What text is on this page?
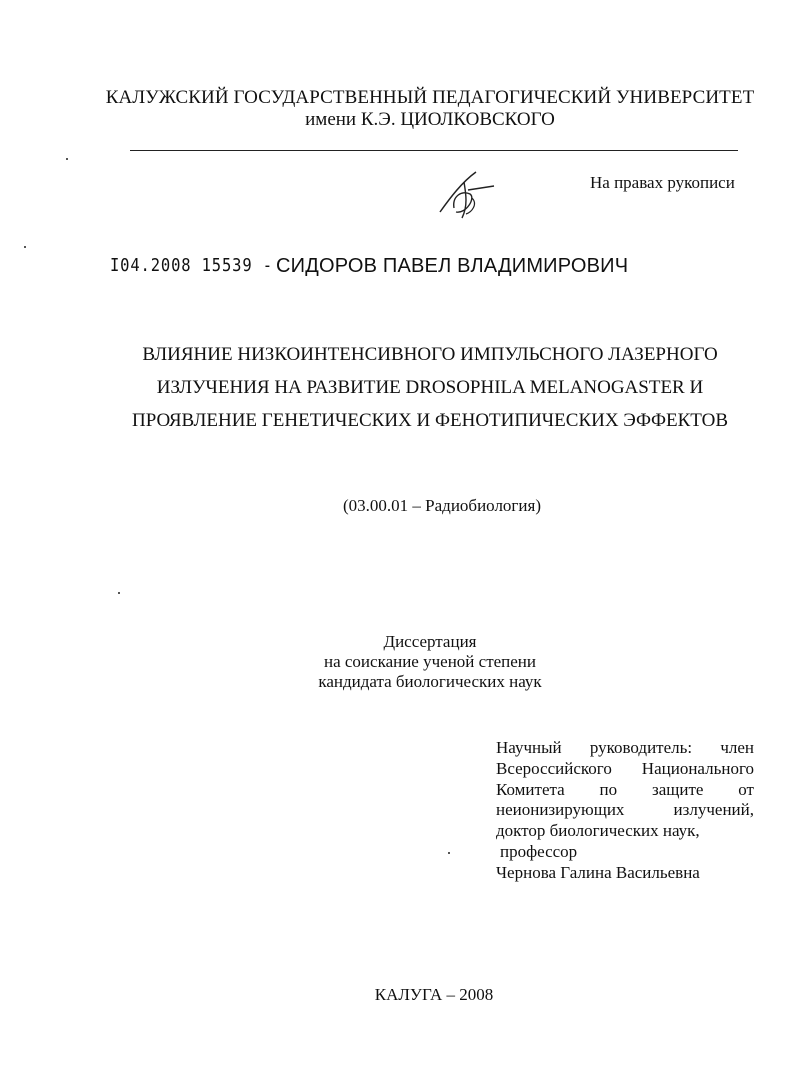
КАЛУЖСКИЙ ГОСУДАРСТВЕННЫЙ ПЕДАГОГИЧЕСКИЙ УНИВЕРСИТЕТ
имени К.Э. ЦИОЛКОВСКОГО
На правах рукописи
I04.2008 15539 - СИДОРОВ ПАВЕЛ ВЛАДИМИРОВИЧ
ВЛИЯНИЕ НИЗКОИНТЕНСИВНОГО ИМПУЛЬСНОГО ЛАЗЕРНОГО
ИЗЛУЧЕНИЯ НА РАЗВИТИЕ DROSOPHILA MELANOGASTER И
ПРОЯВЛЕНИЕ ГЕНЕТИЧЕСКИХ И ФЕНОТИПИЧЕСКИХ ЭФФЕКТОВ
(03.00.01 – Радиобиология)
Диссертация
на соискание ученой степени
кандидата биологических наук
Научный руководитель: член
Всероссийского Национального
Комитета по защите от
неионизирующих излучений,
доктор биологических наук,
профессор
Чернова Галина Васильевна
КАЛУГА – 2008
